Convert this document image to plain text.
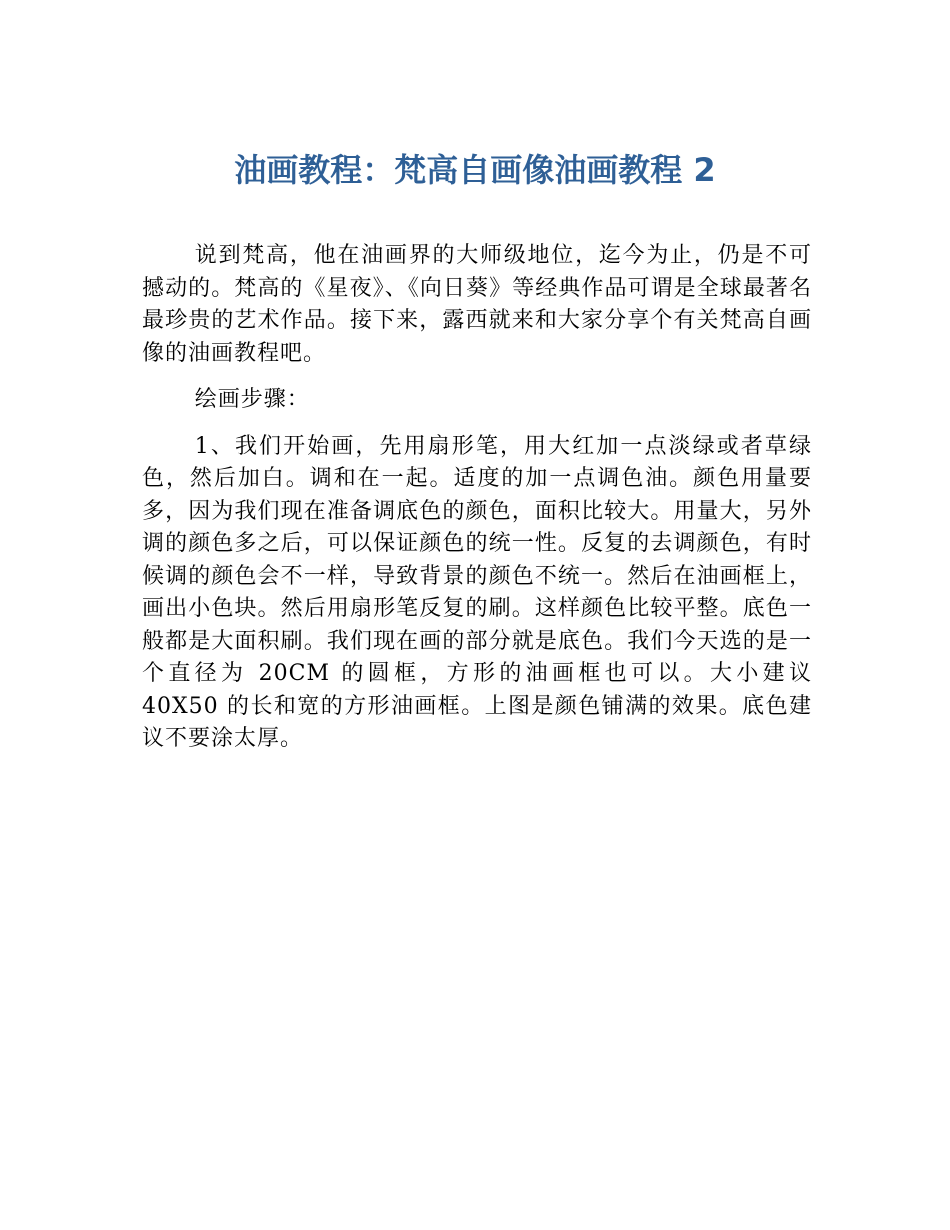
油画教程：梵高自画像油画教程 2

说到梵高，他在油画界的大师级地位，迄今为止，仍是不可撼动的。梵高的《星夜》、《向日葵》等经典作品可谓是全球最著名最珍贵的艺术作品。接下来，露西就来和大家分享个有关梵高自画像的油画教程吧。

绘画步骤：

1、我们开始画，先用扇形笔，用大红加一点淡绿或者草绿色，然后加白。调和在一起。适度的加一点调色油。颜色用量要多，因为我们现在准备调底色的颜色，面积比较大。用量大，另外调的颜色多之后，可以保证颜色的统一性。反复的去调颜色，有时候调的颜色会不一样，导致背景的颜色不统一。然后在油画框上，画出小色块。然后用扇形笔反复的刷。这样颜色比较平整。底色一般都是大面积刷。我们现在画的部分就是底色。我们今天选的是一个直径为 20CM 的圆框，方形的油画框也可以。大小建议 40X50 的长和宽的方形油画框。上图是颜色铺满的效果。底色建议不要涂太厚。
